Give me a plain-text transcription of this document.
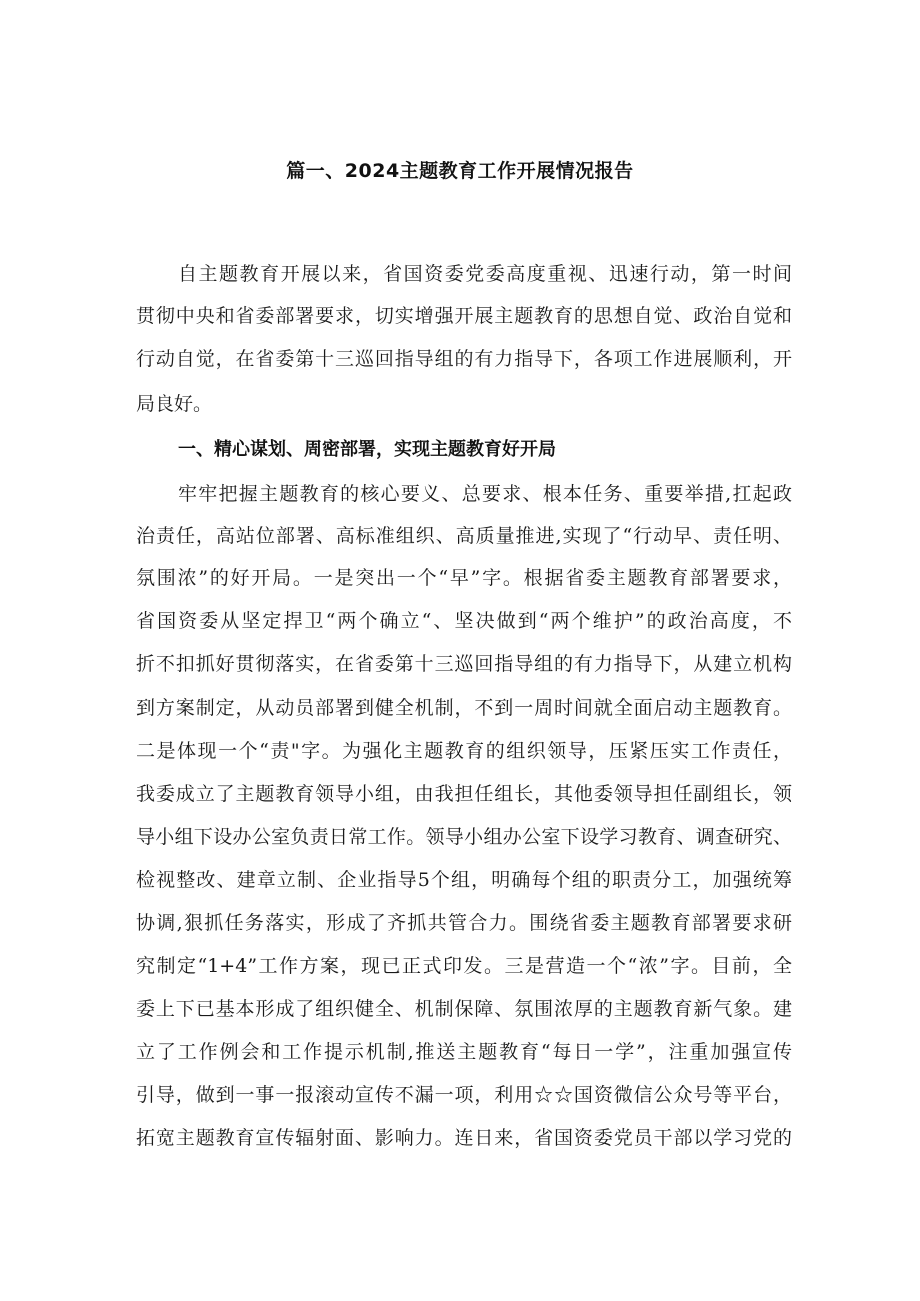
篇一、2024主题教育工作开展情况报告
自主题教育开展以来，省国资委党委高度重视、迅速行动，第一时间
贯彻中央和省委部署要求，切实增强开展主题教育的思想自觉、政治自觉和
行动自觉，在省委第十三巡回指导组的有力指导下，各项工作进展顺利，开
局良好。
一、精心谋划、周密部署，实现主题教育好开局
牢牢把握主题教育的核心要义、总要求、根本任务、重要举措,扛起政
治责任，高站位部署、高标准组织、高质量推进,实现了“行动早、责任明、
氛围浓”的好开局。一是突出一个“早”字。根据省委主题教育部署要求，
省国资委从坚定捍卫“两个确立“、坚决做到“两个维护”的政治高度，不
折不扣抓好贯彻落实，在省委第十三巡回指导组的有力指导下，从建立机构
到方案制定，从动员部署到健全机制，不到一周时间就全面启动主题教育。
二是体现一个“责"字。为强化主题教育的组织领导，压紧压实工作责任，
我委成立了主题教育领导小组，由我担任组长，其他委领导担任副组长，领
导小组下设办公室负责日常工作。领导小组办公室下设学习教育、调查研究、
检视整改、建章立制、企业指导5个组，明确每个组的职责分工，加强统筹
协调,狠抓任务落实，形成了齐抓共管合力。围绕省委主题教育部署要求研
究制定“1+4”工作方案，现已正式印发。三是营造一个“浓”字。目前，全
委上下已基本形成了组织健全、机制保障、氛围浓厚的主题教育新气象。建
立了工作例会和工作提示机制,推送主题教育“每日一学”，注重加强宣传
引导，做到一事一报滚动宣传不漏一项，利用☆☆国资微信公众号等平台，
拓宽主题教育宣传辐射面、影响力。连日来，省国资委党员干部以学习党的
